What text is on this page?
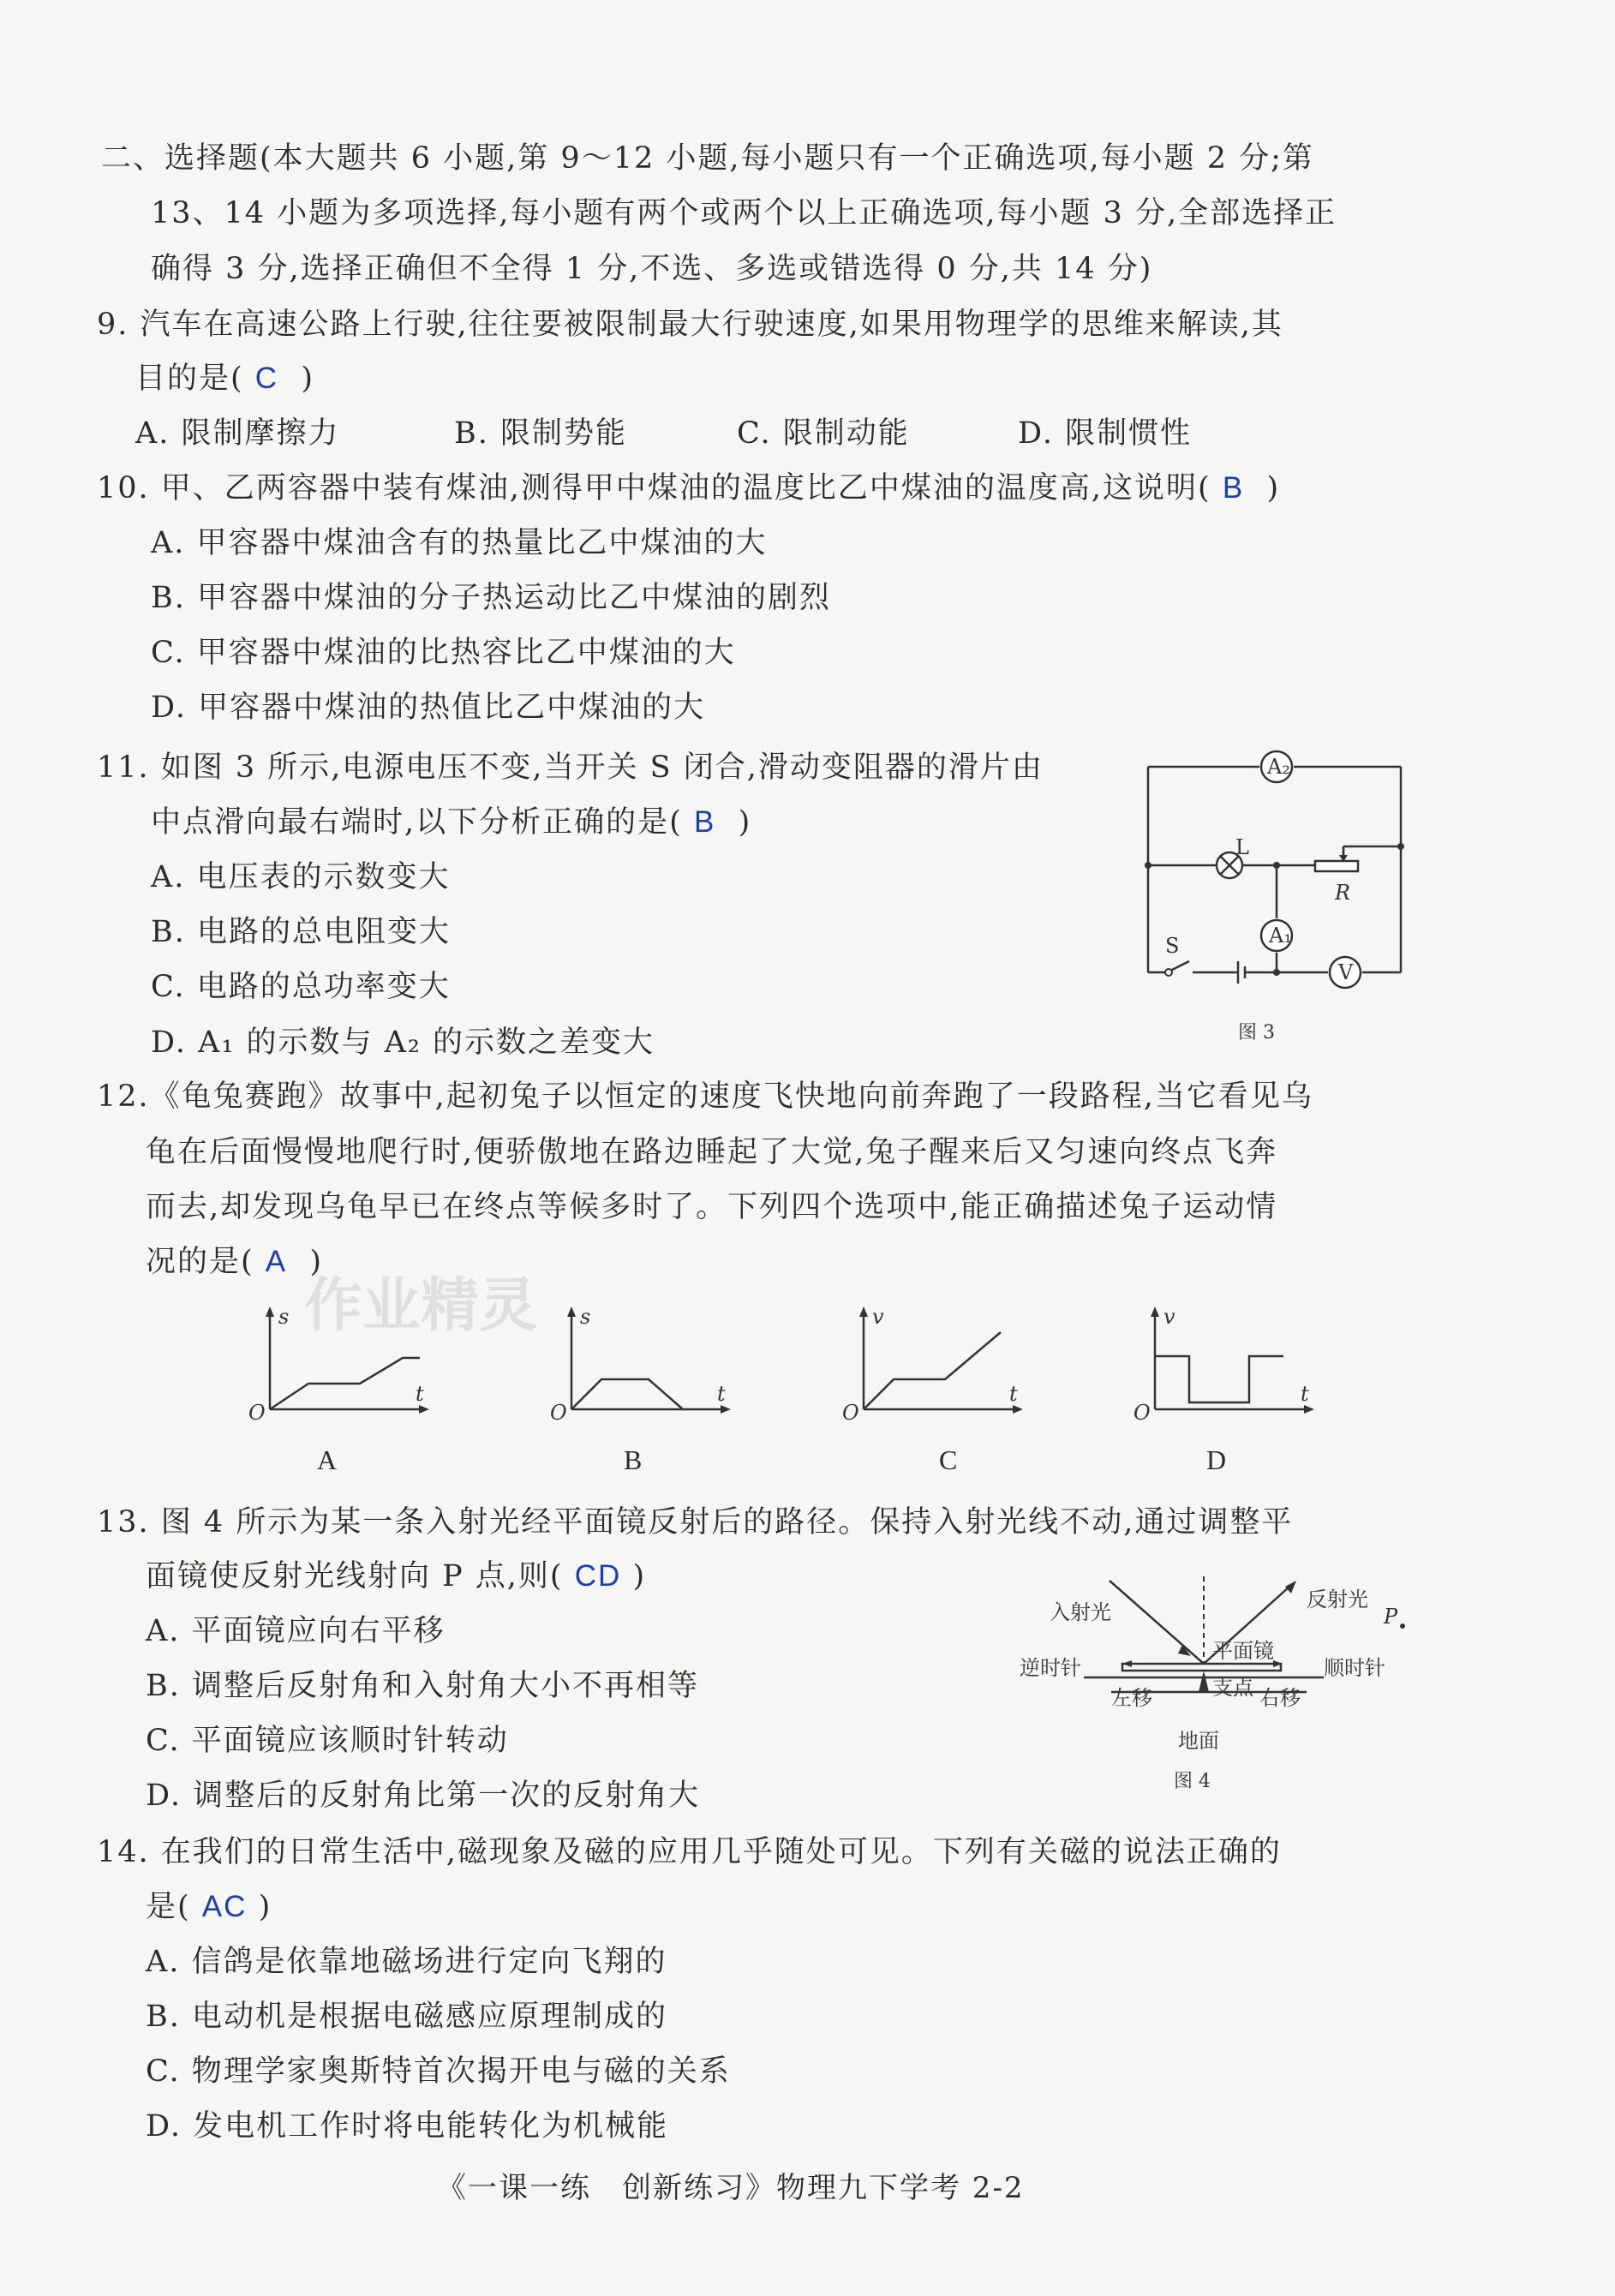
二、选择题(本大题共 6 小题,第 9～12 小题,每小题只有一个正确选项,每小题 2 分;第
13、14 小题为多项选择,每小题有两个或两个以上正确选项,每小题 3 分,全部选择正
确得 3 分,选择正确但不全得 1 分,不选、多选或错选得 0 分,共 14 分)
9. 汽车在高速公路上行驶,往往要被限制最大行驶速度,如果用物理学的思维来解读,其
目的是( C )
A. 限制摩擦力	B. 限制势能	C. 限制动能	D. 限制惯性
10. 甲、乙两容器中装有煤油,测得甲中煤油的温度比乙中煤油的温度高,这说明( B )
A. 甲容器中煤油含有的热量比乙中煤油的大
B. 甲容器中煤油的分子热运动比乙中煤油的剧烈
C. 甲容器中煤油的比热容比乙中煤油的大
D. 甲容器中煤油的热值比乙中煤油的大
11. 如图 3 所示,电源电压不变,当开关 S 闭合,滑动变阻器的滑片由
中点滑向最右端时,以下分析正确的是( B )
A. 电压表的示数变大
B. 电路的总电阻变大
C. 电路的总功率变大
D. A₁ 的示数与 A₂ 的示数之差变大
A₂
A₁
V
L
R
S
图 3
12.《龟兔赛跑》故事中,起初兔子以恒定的速度飞快地向前奔跑了一段路程,当它看见乌
龟在后面慢慢地爬行时,便骄傲地在路边睡起了大觉,兔子醒来后又匀速向终点飞奔
而去,却发现乌龟早已在终点等候多时了。下列四个选项中,能正确描述兔子运动情
况的是( A )
作业精灵
s
t
O
A
s
t
O
B
v
t
O
C
v
t
O
D
13. 图 4 所示为某一条入射光经平面镜反射后的路径。保持入射光线不动,通过调整平
面镜使反射光线射向 P 点,则( CD )
A. 平面镜应向右平移
B. 调整后反射角和入射角大小不再相等
C. 平面镜应该顺时针转动
D. 调整后的反射角比第一次的反射角大
入射光
反射光
P
平面镜
逆时针	顺时针
左移	支点 右移
地面
图 4
14. 在我们的日常生活中,磁现象及磁的应用几乎随处可见。下列有关磁的说法正确的
是( AC )
A. 信鸽是依靠地磁场进行定向飞翔的
B. 电动机是根据电磁感应原理制成的
C. 物理学家奥斯特首次揭开电与磁的关系
D. 发电机工作时将电能转化为机械能
《一课一练　创新练习》物理九下学考 2-2
